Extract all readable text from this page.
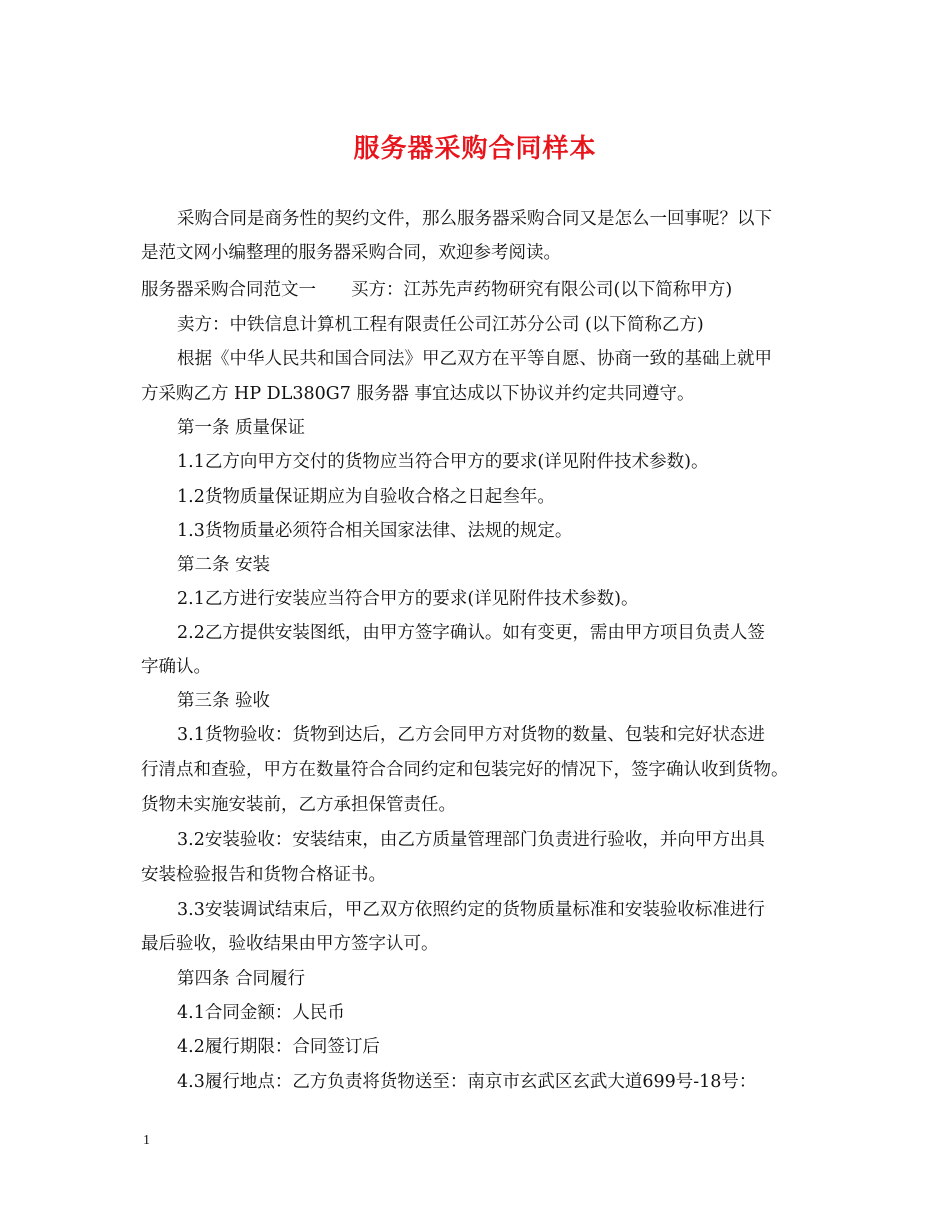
服务器采购合同样本
采购合同是商务性的契约文件，那么服务器采购合同又是怎么一回事呢？以下
是范文网小编整理的服务器采购合同，欢迎参考阅读。
服务器采购合同范文一　　买方：江苏先声药物研究有限公司(以下简称甲方)
卖方：中铁信息计算机工程有限责任公司江苏分公司 (以下简称乙方)
根据《中华人民共和国合同法》甲乙双方在平等自愿、协商一致的基础上就甲
方采购乙方 HP DL380G7 服务器 事宜达成以下协议并约定共同遵守。
第一条 质量保证
1.1乙方向甲方交付的货物应当符合甲方的要求(详见附件技术参数)。
1.2货物质量保证期应为自验收合格之日起叁年。
1.3货物质量必须符合相关国家法律、法规的规定。
第二条 安装
2.1乙方进行安装应当符合甲方的要求(详见附件技术参数)。
2.2乙方提供安装图纸，由甲方签字确认。如有变更，需由甲方项目负责人签
字确认。
第三条 验收
3.1货物验收：货物到达后，乙方会同甲方对货物的数量、包装和完好状态进
行清点和查验，甲方在数量符合合同约定和包装完好的情况下，签字确认收到货物。
货物未实施安装前，乙方承担保管责任。
3.2安装验收：安装结束，由乙方质量管理部门负责进行验收，并向甲方出具
安装检验报告和货物合格证书。
3.3安装调试结束后，甲乙双方依照约定的货物质量标准和安装验收标准进行
最后验收，验收结果由甲方签字认可。
第四条 合同履行
4.1合同金额：人民币
4.2履行期限：合同签订后
4.3履行地点：乙方负责将货物送至：南京市玄武区玄武大道699号-18号：
1
